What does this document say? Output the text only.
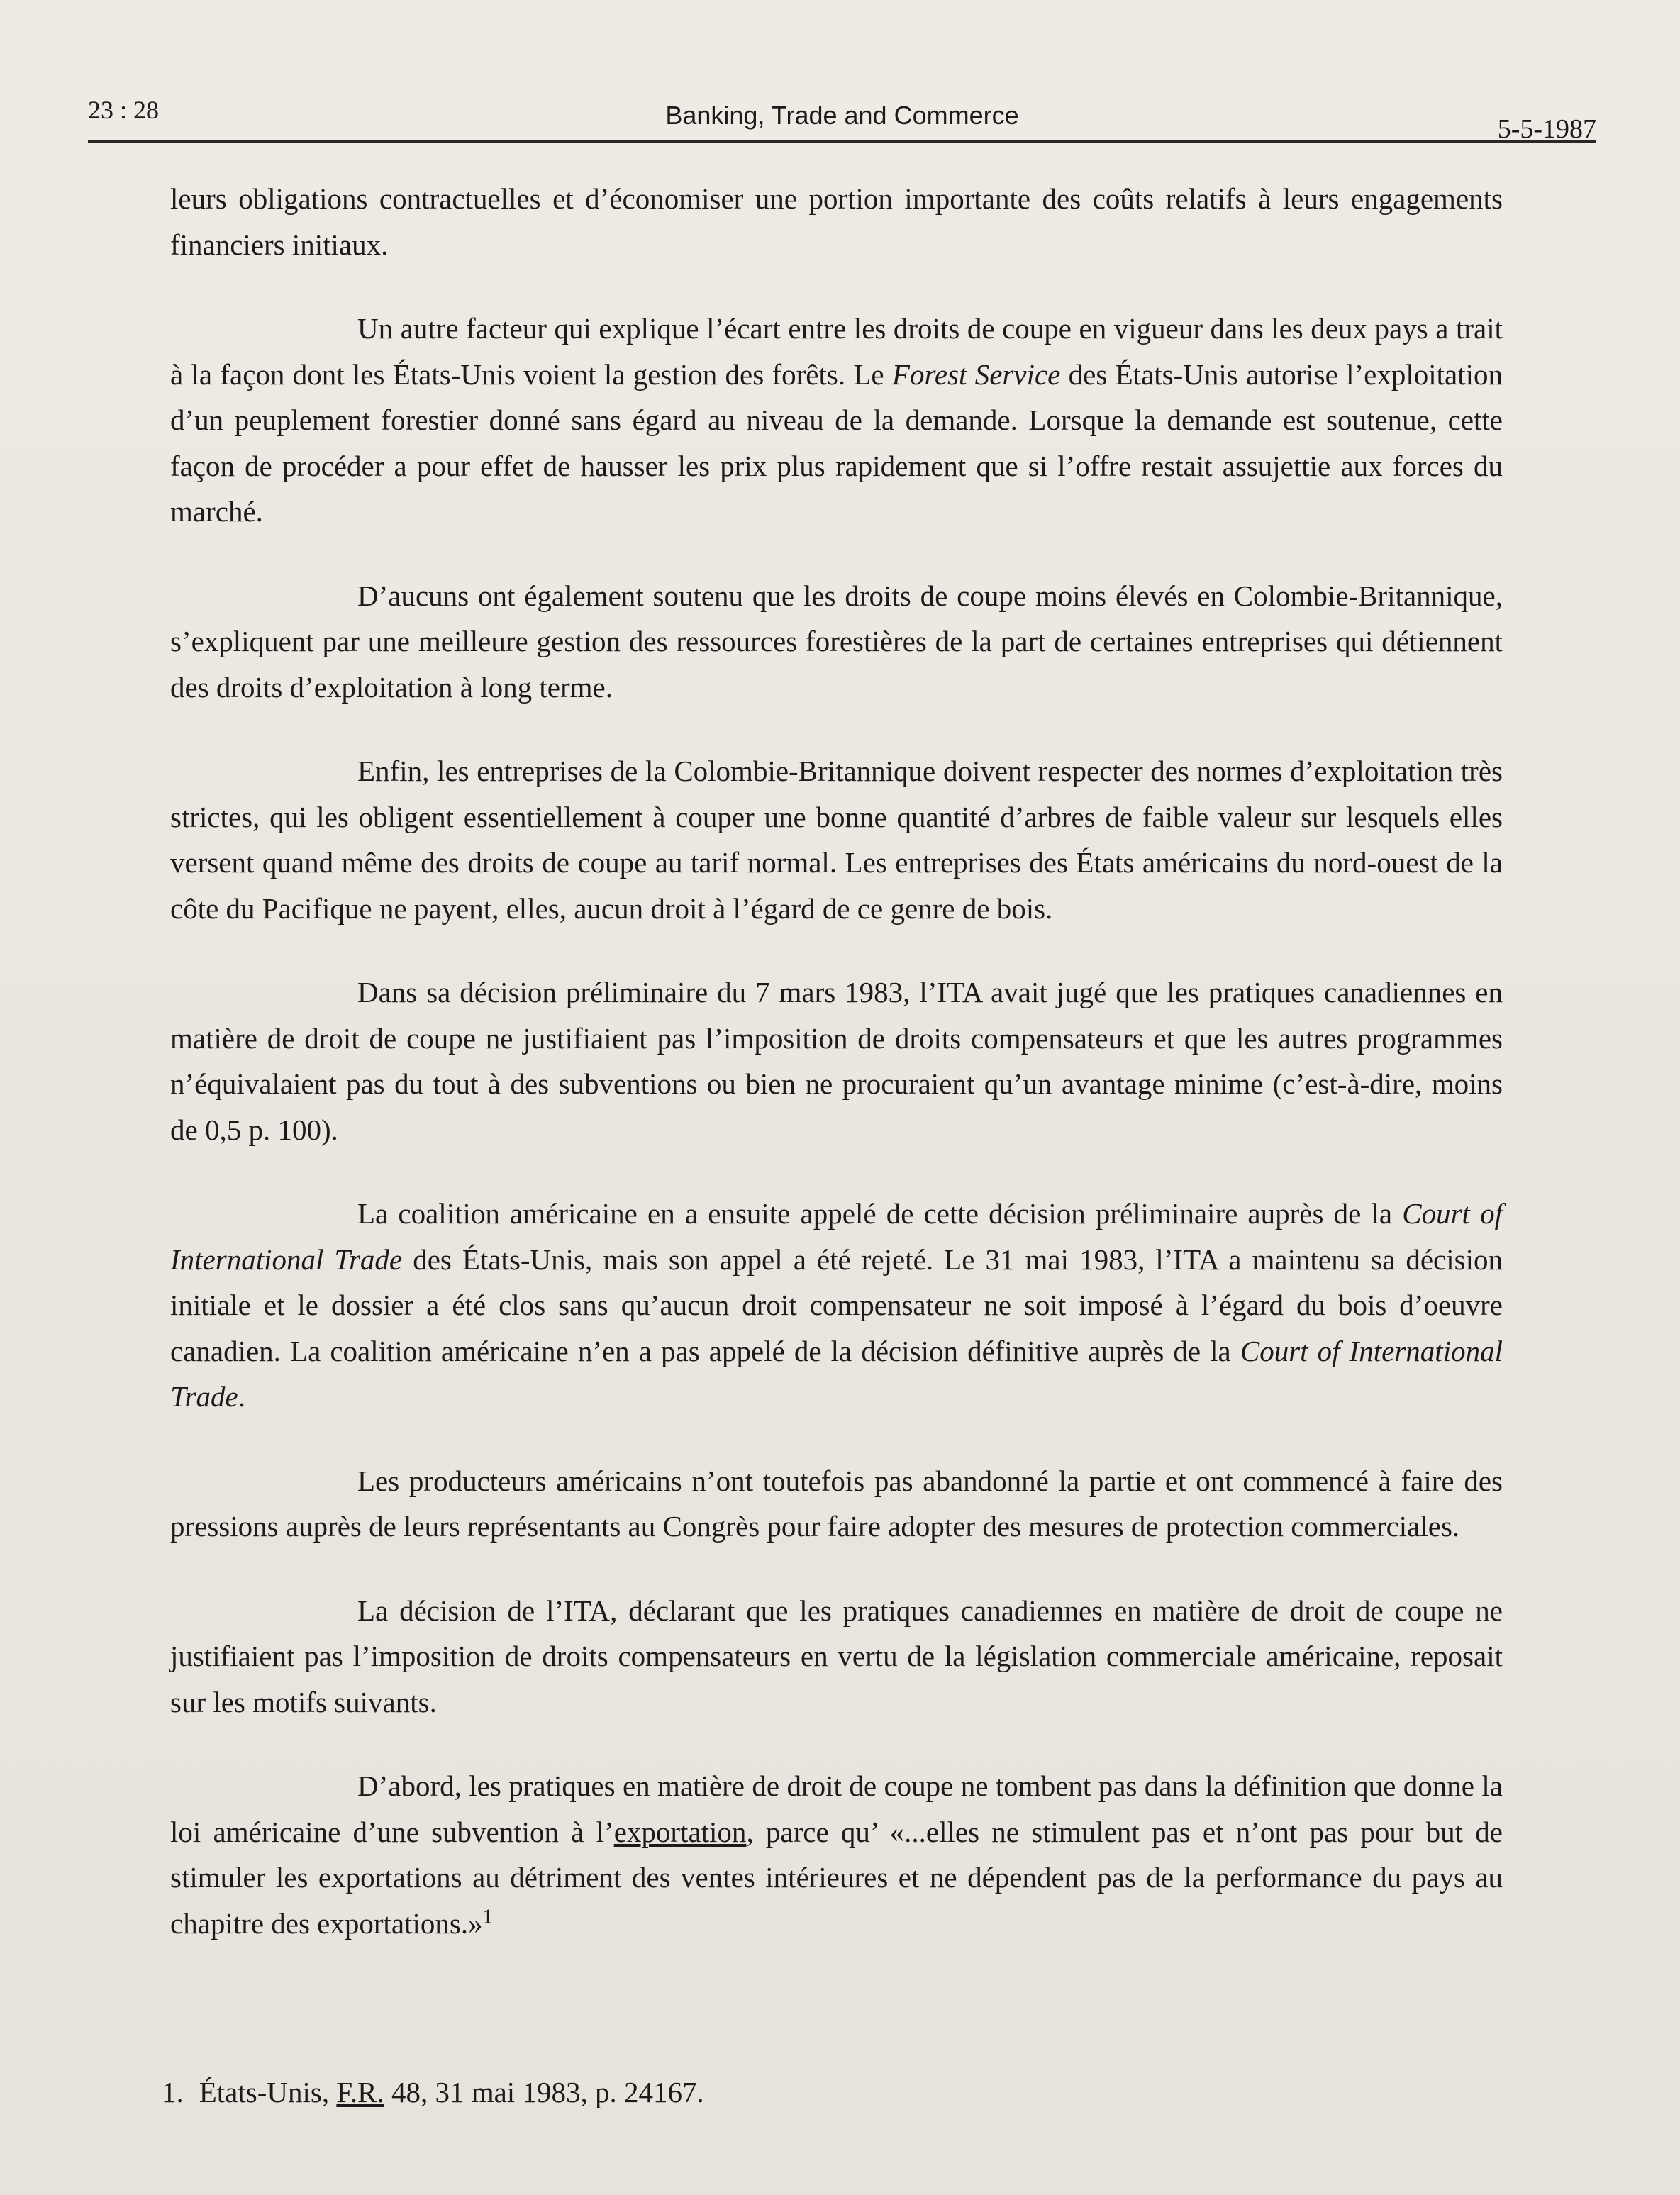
23 : 28	Banking, Trade and Commerce	5-5-1987

leurs obligations contractuelles et d’économiser une portion importante des coûts relatifs à leurs engagements financiers initiaux.

Un autre facteur qui explique l’écart entre les droits de coupe en vigueur dans les deux pays a trait à la façon dont les États-Unis voient la gestion des forêts. Le Forest Service des États-Unis autorise l’exploitation d’un peuplement forestier donné sans égard au niveau de la demande. Lorsque la demande est soutenue, cette façon de procéder a pour effet de hausser les prix plus rapidement que si l’offre restait assujettie aux forces du marché.

D’aucuns ont également soutenu que les droits de coupe moins élevés en Colombie-Britannique, s’expliquent par une meilleure gestion des ressources forestières de la part de certaines entreprises qui détiennent des droits d’exploitation à long terme.

Enfin, les entreprises de la Colombie-Britannique doivent respecter des normes d’exploitation très strictes, qui les obligent essentiellement à couper une bonne quantité d’arbres de faible valeur sur lesquels elles versent quand même des droits de coupe au tarif normal. Les entreprises des États américains du nord-ouest de la côte du Pacifique ne payent, elles, aucun droit à l’égard de ce genre de bois.

Dans sa décision préliminaire du 7 mars 1983, l’ITA avait jugé que les pratiques canadiennes en matière de droit de coupe ne justifiaient pas l’imposition de droits compensateurs et que les autres programmes n’équivalaient pas du tout à des subventions ou bien ne procuraient qu’un avantage minime (c’est-à-dire, moins de 0,5 p. 100).

La coalition américaine en a ensuite appelé de cette décision préliminaire auprès de la Court of International Trade des États-Unis, mais son appel a été rejeté. Le 31 mai 1983, l’ITA a maintenu sa décision initiale et le dossier a été clos sans qu’aucun droit compensateur ne soit imposé à l’égard du bois d’oeuvre canadien. La coalition américaine n’en a pas appelé de la décision définitive auprès de la Court of International Trade.

Les producteurs américains n’ont toutefois pas abandonné la partie et ont commencé à faire des pressions auprès de leurs représentants au Congrès pour faire adopter des mesures de protection commerciales.

La décision de l’ITA, déclarant que les pratiques canadiennes en matière de droit de coupe ne justifiaient pas l’imposition de droits compensateurs en vertu de la législation commerciale américaine, reposait sur les motifs suivants.

D’abord, les pratiques en matière de droit de coupe ne tombent pas dans la définition que donne la loi américaine d’une subvention à l’exportation, parce qu’ «...elles ne stimulent pas et n’ont pas pour but de stimuler les exportations au détriment des ventes intérieures et ne dépendent pas de la performance du pays au chapitre des exportations.»$^1$

1. États-Unis, F.R. 48, 31 mai 1983, p. 24167.
